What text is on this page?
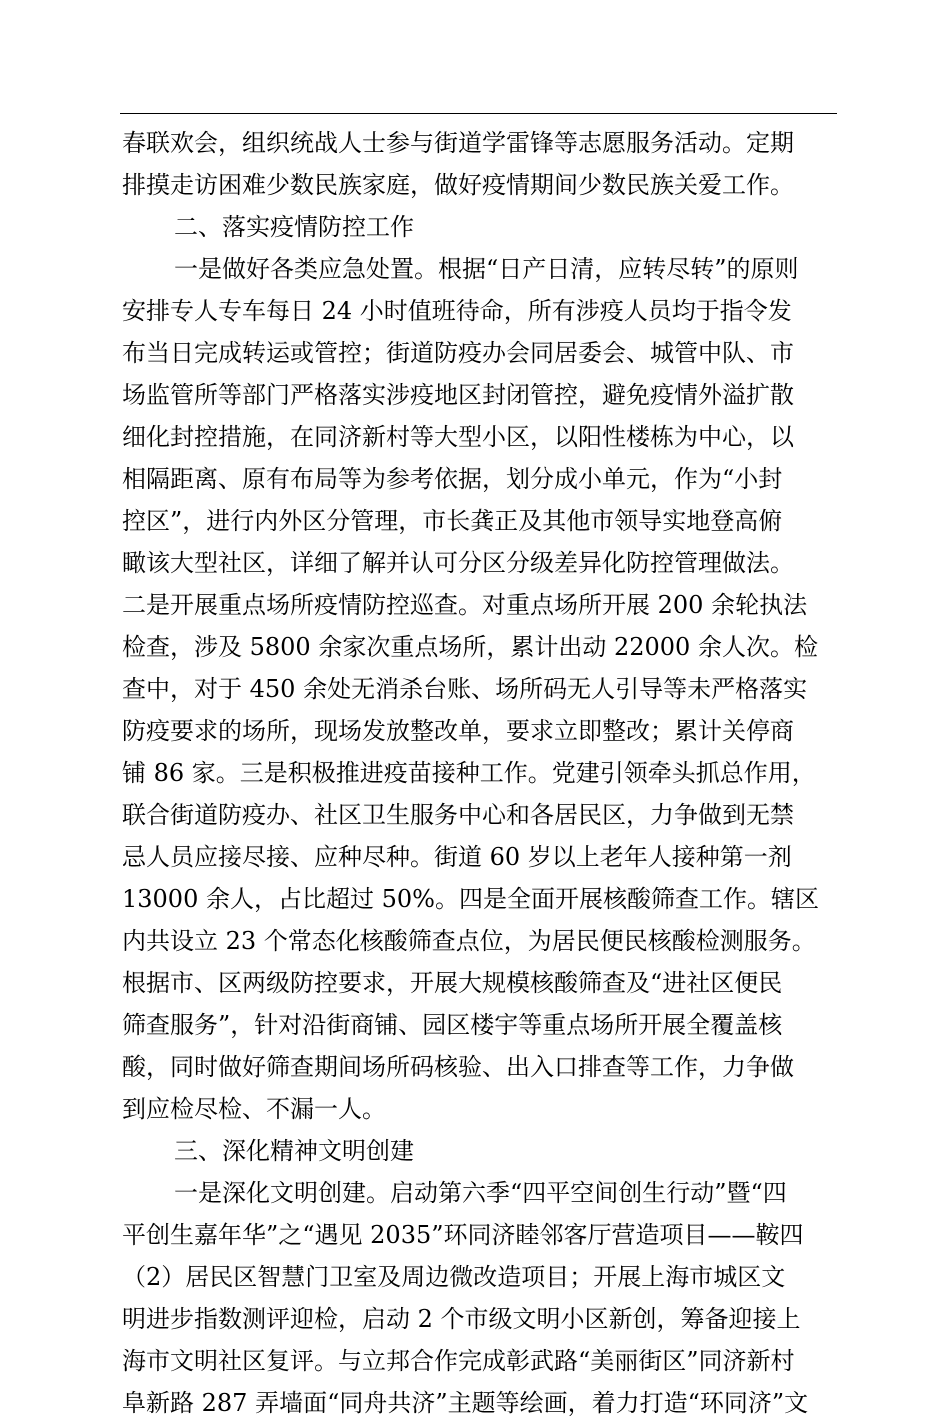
春联欢会，组织统战人士参与街道学雷锋等志愿服务活动。定期
排摸走访困难少数民族家庭，做好疫情期间少数民族关爱工作。
二、落实疫情防控工作
一是做好各类应急处置。根据“日产日清，应转尽转”的原则
安排专人专车每日 24 小时值班待命，所有涉疫人员均于指令发
布当日完成转运或管控；街道防疫办会同居委会、城管中队、市
场监管所等部门严格落实涉疫地区封闭管控，避免疫情外溢扩散
细化封控措施，在同济新村等大型小区，以阳性楼栋为中心，以
相隔距离、原有布局等为参考依据，划分成小单元，作为“小封
控区”，进行内外区分管理，市长龚正及其他市领导实地登高俯
瞰该大型社区，详细了解并认可分区分级差异化防控管理做法。
二是开展重点场所疫情防控巡查。对重点场所开展 200 余轮执法
检查，涉及 5800 余家次重点场所，累计出动 22000 余人次。检
查中，对于 450 余处无消杀台账、场所码无人引导等未严格落实
防疫要求的场所，现场发放整改单，要求立即整改；累计关停商
铺 86 家。三是积极推进疫苗接种工作。党建引领牵头抓总作用，
联合街道防疫办、社区卫生服务中心和各居民区，力争做到无禁
忌人员应接尽接、应种尽种。街道 60 岁以上老年人接种第一剂
13000 余人，占比超过 50%。四是全面开展核酸筛查工作。辖区
内共设立 23 个常态化核酸筛查点位，为居民便民核酸检测服务。
根据市、区两级防控要求，开展大规模核酸筛查及“进社区便民
筛查服务”，针对沿街商铺、园区楼宇等重点场所开展全覆盖核
酸，同时做好筛查期间场所码核验、出入口排查等工作，力争做
到应检尽检、不漏一人。
三、深化精神文明创建
一是深化文明创建。启动第六季“四平空间创生行动”暨“四
平创生嘉年华”之“遇见 2035”环同济睦邻客厅营造项目——鞍四
（2）居民区智慧门卫室及周边微改造项目；开展上海市城区文
明进步指数测评迎检，启动 2 个市级文明小区新创，筹备迎接上
海市文明社区复评。与立邦合作完成彰武路“美丽街区”同济新村
阜新路 287 弄墙面“同舟共济”主题等绘画，着力打造“环同济”文
